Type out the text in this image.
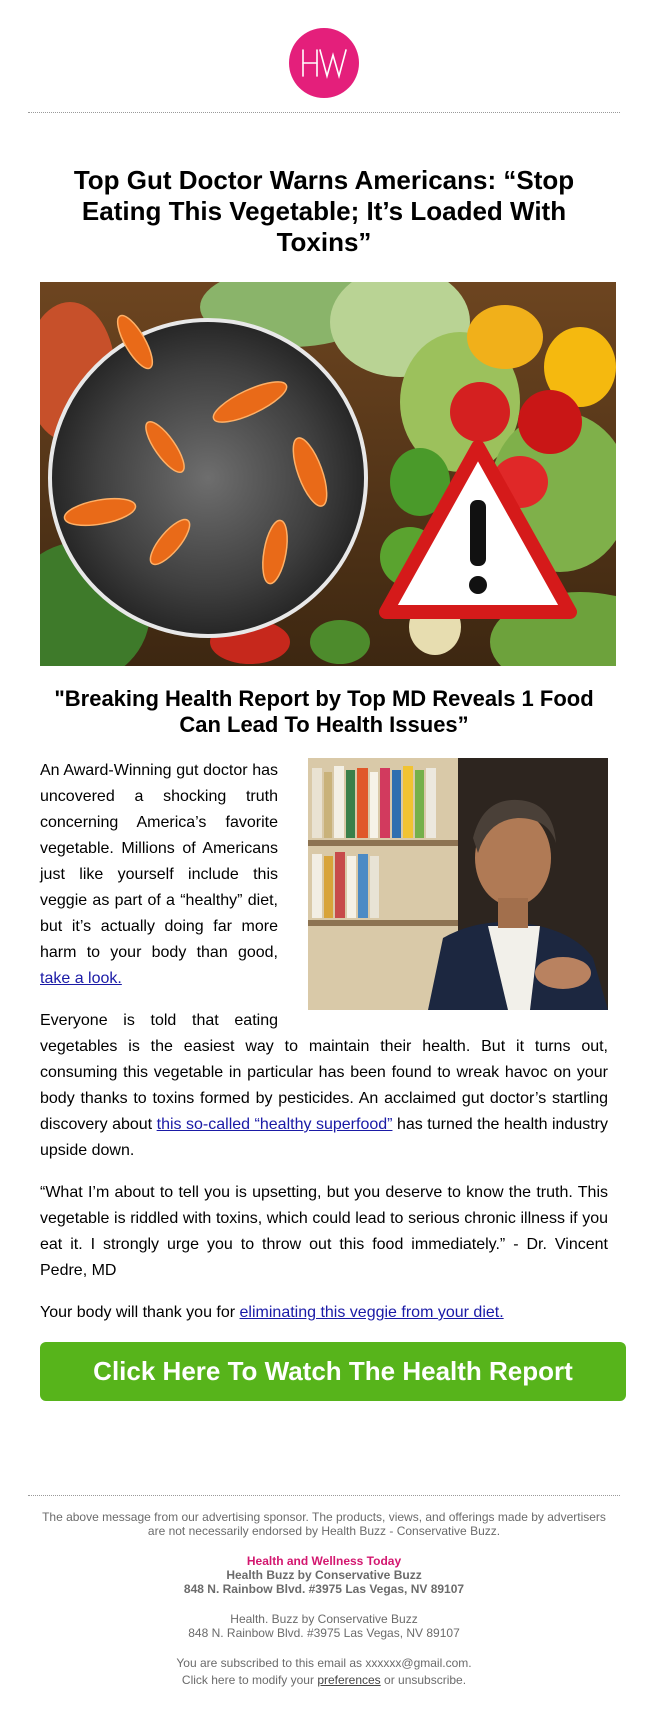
Top Gut Doctor Warns Americans: “Stop Eating This Vegetable; It’s Loaded With Toxins”
"Breaking Health Report by Top MD Reveals 1 Food Can Lead To Health Issues”

An Award-Winning gut doctor has uncovered a shocking truth concerning America’s favorite vegetable. Millions of Americans just like yourself include this veggie as part of a “healthy” diet, but it’s actually doing far more harm to your body than good, take a look.

Everyone is told that eating vegetables is the easiest way to maintain their health. But it turns out, consuming this vegetable in particular has been found to wreak havoc on your body thanks to toxins formed by pesticides. An acclaimed gut doctor’s startling discovery about this so-called “healthy superfood” has turned the health industry upside down.

“What I’m about to tell you is upsetting, but you deserve to know the truth. This vegetable is riddled with toxins, which could lead to serious chronic illness if you eat it. I strongly urge you to throw out this food immediately.” - Dr. Vincent Pedre, MD

Your body will thank you for eliminating this veggie from your diet.

Click Here To Watch The Health Report

The above message from our advertising sponsor. The products, views, and offerings made by advertisers are not necessarily endorsed by Health Buzz - Conservative Buzz.

Health and Wellness Today

Health Buzz by Conservative Buzz

848 N. Rainbow Blvd. #3975 Las Vegas, NV 89107

Health. Buzz by Conservative Buzz

848 N. Rainbow Blvd. #3975 Las Vegas, NV 89107

You are subscribed to this email as xxxxxx@gmail.com.

Click here to modify your preferences or unsubscribe.
